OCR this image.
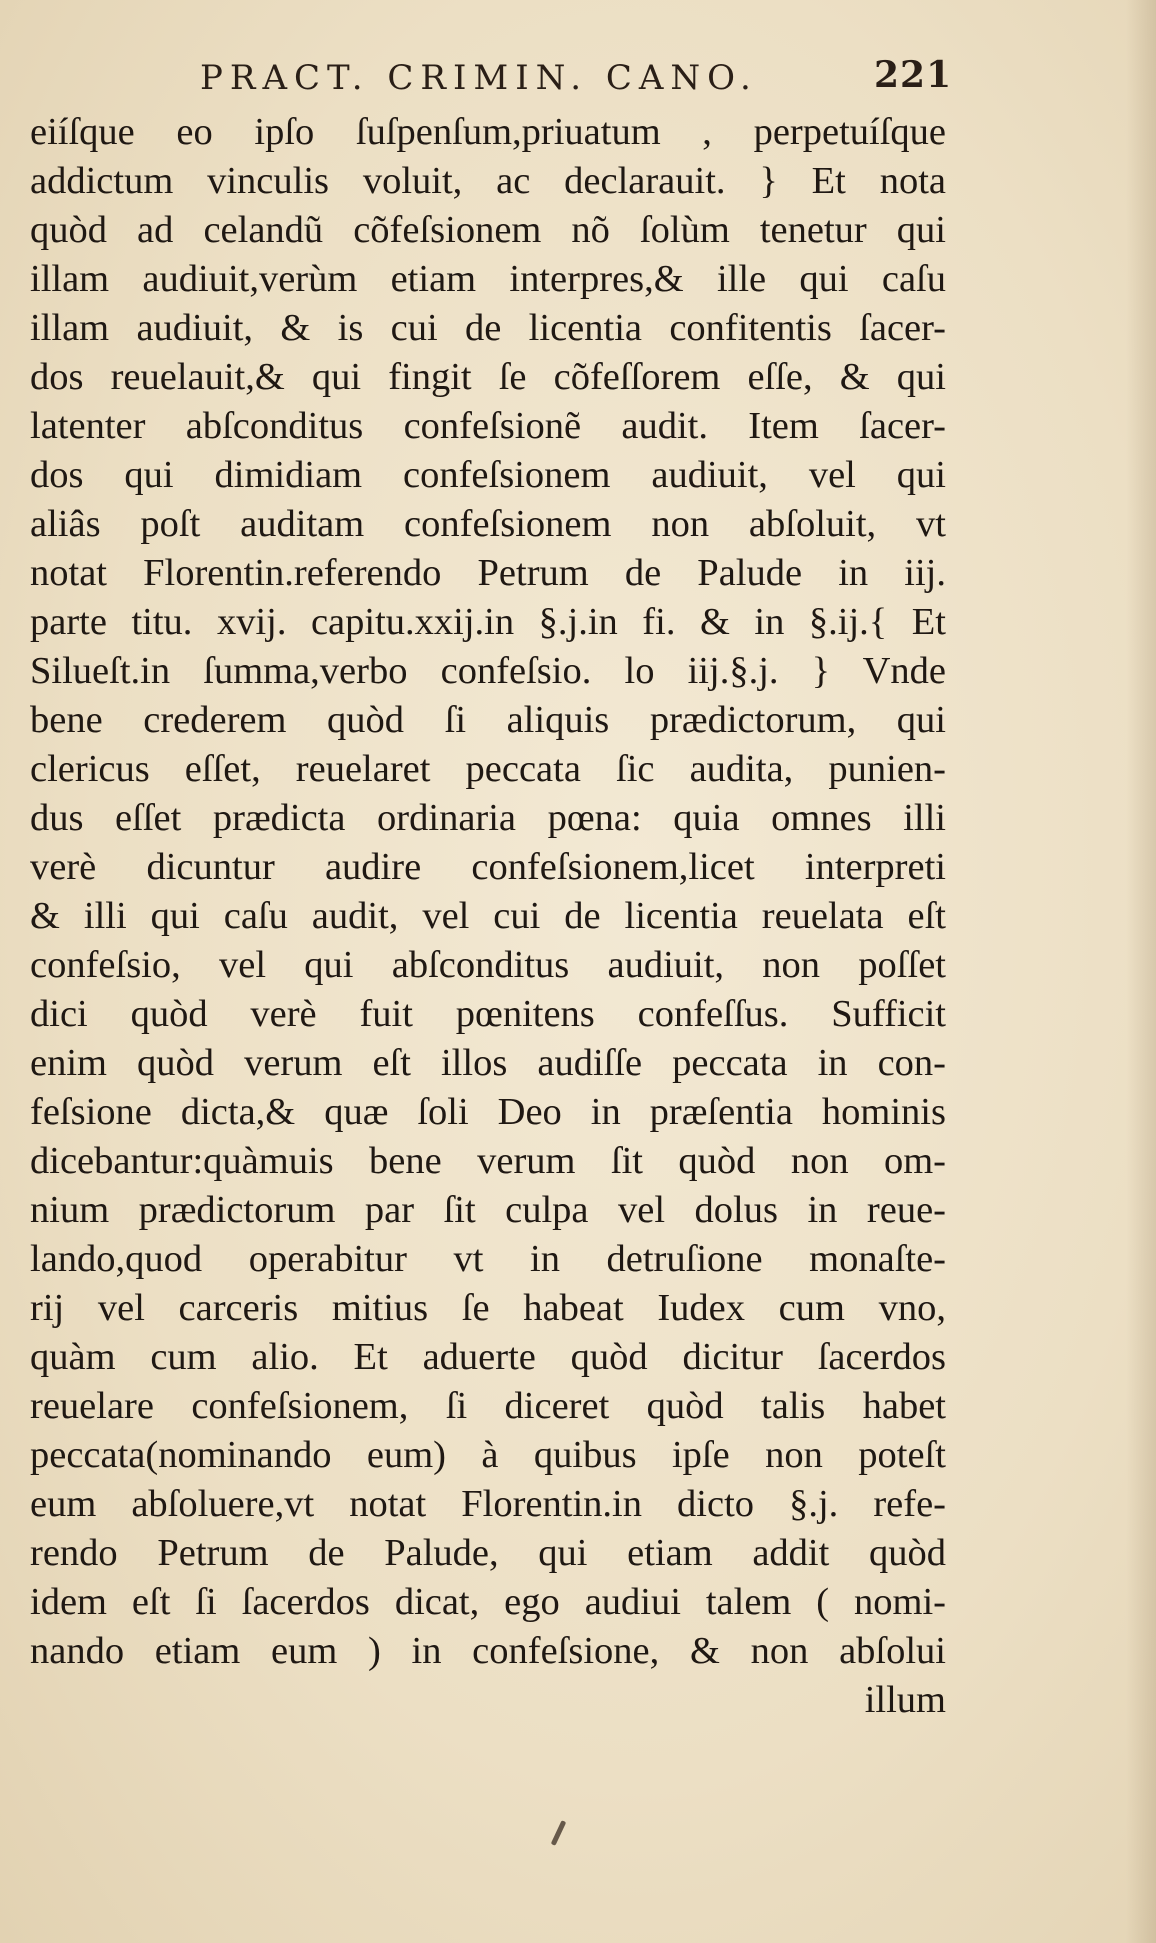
PRACT. CRIMIN. CANO.	221
eiíſque eo ipſo ſuſpenſum,priuatum , perpetuíſque
addictum vinculis voluit, ac declarauit. } Et nota
quòd ad celandũ cõfeſsionem nõ ſolùm tenetur qui
illam audiuit,verùm etiam interpres,& ille qui caſu
illam audiuit, & is cui de licentia confitentis ſacer-
dos reuelauit,& qui fingit ſe cõfeſſorem eſſe, & qui
latenter abſconditus confeſsionẽ audit. Item ſacer-
dos qui dimidiam confeſsionem audiuit, vel qui
aliâs poſt auditam confeſsionem non abſoluit, vt
notat Florentin.referendo Petrum de Palude in iij.
parte titu. xvij. capitu.xxij.in §.j.in fi. & in §.ij.{ Et
Silueſt.in ſumma,verbo confeſsio. lo iij.§.j. } Vnde
bene crederem quòd ſi aliquis prædictorum, qui
clericus eſſet, reuelaret peccata ſic audita, punien-
dus eſſet prædicta ordinaria pœna: quia omnes illi
verè dicuntur audire confeſsionem,licet interpreti
& illi qui caſu audit, vel cui de licentia reuelata eſt
confeſsio, vel qui abſconditus audiuit, non poſſet
dici quòd verè fuit pœnitens confeſſus. Sufficit
enim quòd verum eſt illos audiſſe peccata in con-
feſsione dicta,& quæ ſoli Deo in præſentia hominis
dicebantur:quàmuis bene verum ſit quòd non om-
nium prædictorum par ſit culpa vel dolus in reue-
lando,quod operabitur vt in detruſione monaſte-
rij vel carceris mitius ſe habeat Iudex cum vno,
quàm cum alio. Et aduerte quòd dicitur ſacerdos
reuelare confeſsionem, ſi diceret quòd talis habet
peccata(nominando eum) à quibus ipſe non poteſt
eum abſoluere,vt notat Florentin.in dicto §.j. refe-
rendo Petrum de Palude, qui etiam addit quòd
idem eſt ſi ſacerdos dicat, ego audiui talem ( nomi-
nando etiam eum ) in confeſsione, & non abſolui
illum
